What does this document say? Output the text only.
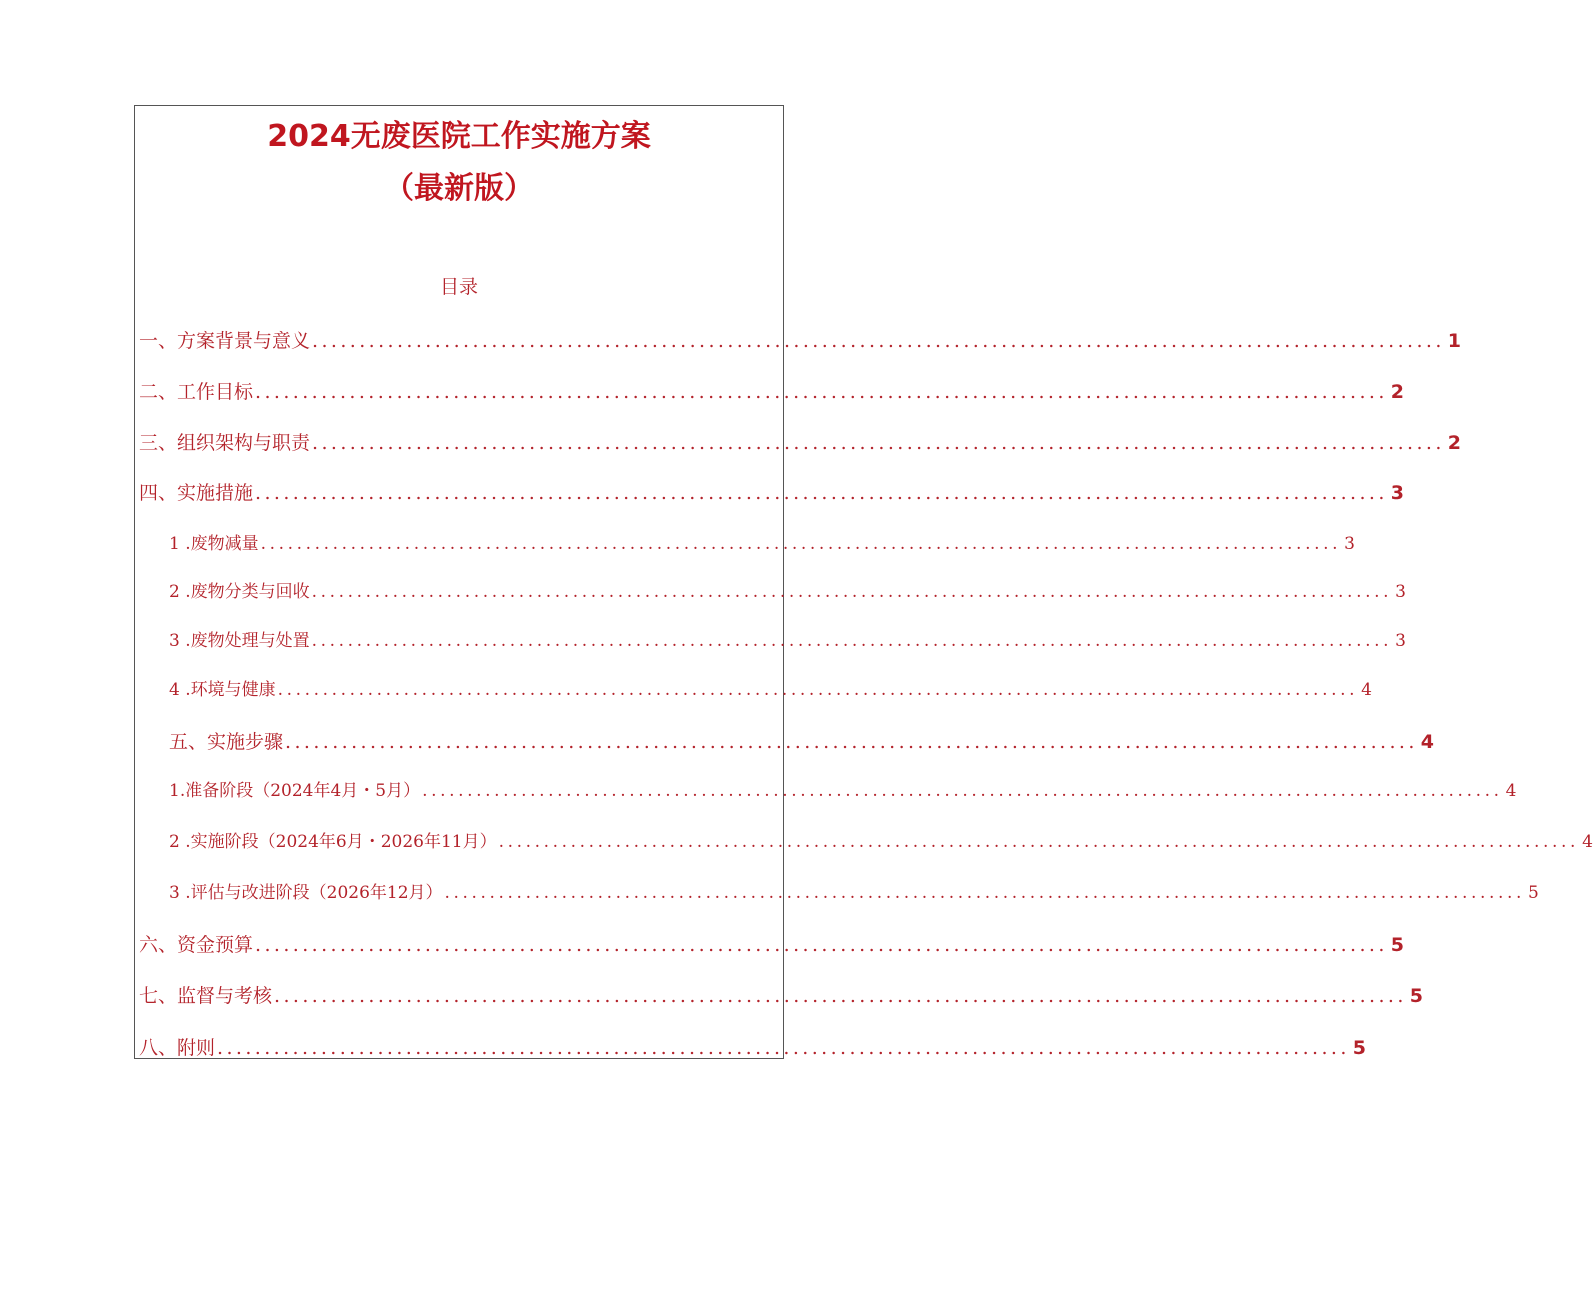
2024无废医院工作实施方案
（最新版）
目录
一、方案背景与意义 ........................................................................................................................ 1
二、工作目标 ........................................................................................................................ 2
三、组织架构与职责 ........................................................................................................................ 2
四、实施措施 ........................................................................................................................ 3
1 .废物减量 ........................................................................................................................ 3
2 .废物分类与回收 ........................................................................................................................ 3
3 .废物处理与处置 ........................................................................................................................ 3
4 .环境与健康 ........................................................................................................................ 4
五、实施步骤 ........................................................................................................................ 4
1.准备阶段（2024年4月・5月） ........................................................................................................................ 4
2 .实施阶段（2024年6月・2026年11月） ........................................................................................................................ 4
3 .评估与改进阶段（2026年12月） ........................................................................................................................ 5
六、资金预算 ........................................................................................................................ 5
七、监督与考核 ........................................................................................................................ 5
八、附则 ........................................................................................................................ 5
